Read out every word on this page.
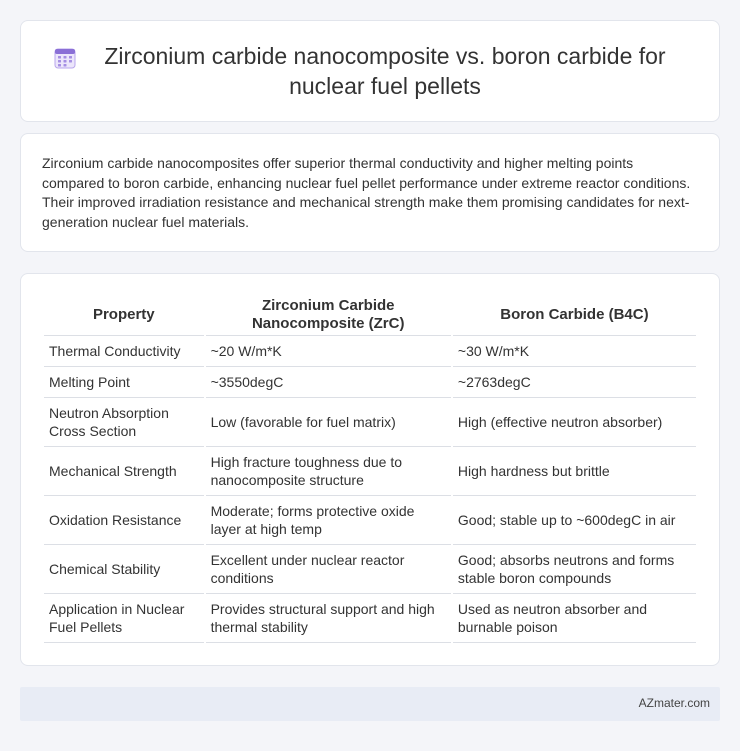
Zirconium carbide nanocomposite vs. boron carbide for nuclear fuel pellets

Zirconium carbide nanocomposites offer superior thermal conductivity and higher melting points compared to boron carbide, enhancing nuclear fuel pellet performance under extreme reactor conditions. Their improved irradiation resistance and mechanical strength make them promising candidates for next-generation nuclear fuel materials.

Property	Zirconium Carbide Nanocomposite (ZrC)	Boron Carbide (B4C)
Thermal Conductivity	~20 W/m*K	~30 W/m*K
Melting Point	~3550degC	~2763degC
Neutron Absorption Cross Section	Low (favorable for fuel matrix)	High (effective neutron absorber)
Mechanical Strength	High fracture toughness due to nanocomposite structure	High hardness but brittle
Oxidation Resistance	Moderate; forms protective oxide layer at high temp	Good; stable up to ~600degC in air
Chemical Stability	Excellent under nuclear reactor conditions	Good; absorbs neutrons and forms stable boron compounds
Application in Nuclear Fuel Pellets	Provides structural support and high thermal stability	Used as neutron absorber and burnable poison
AZmater.com
